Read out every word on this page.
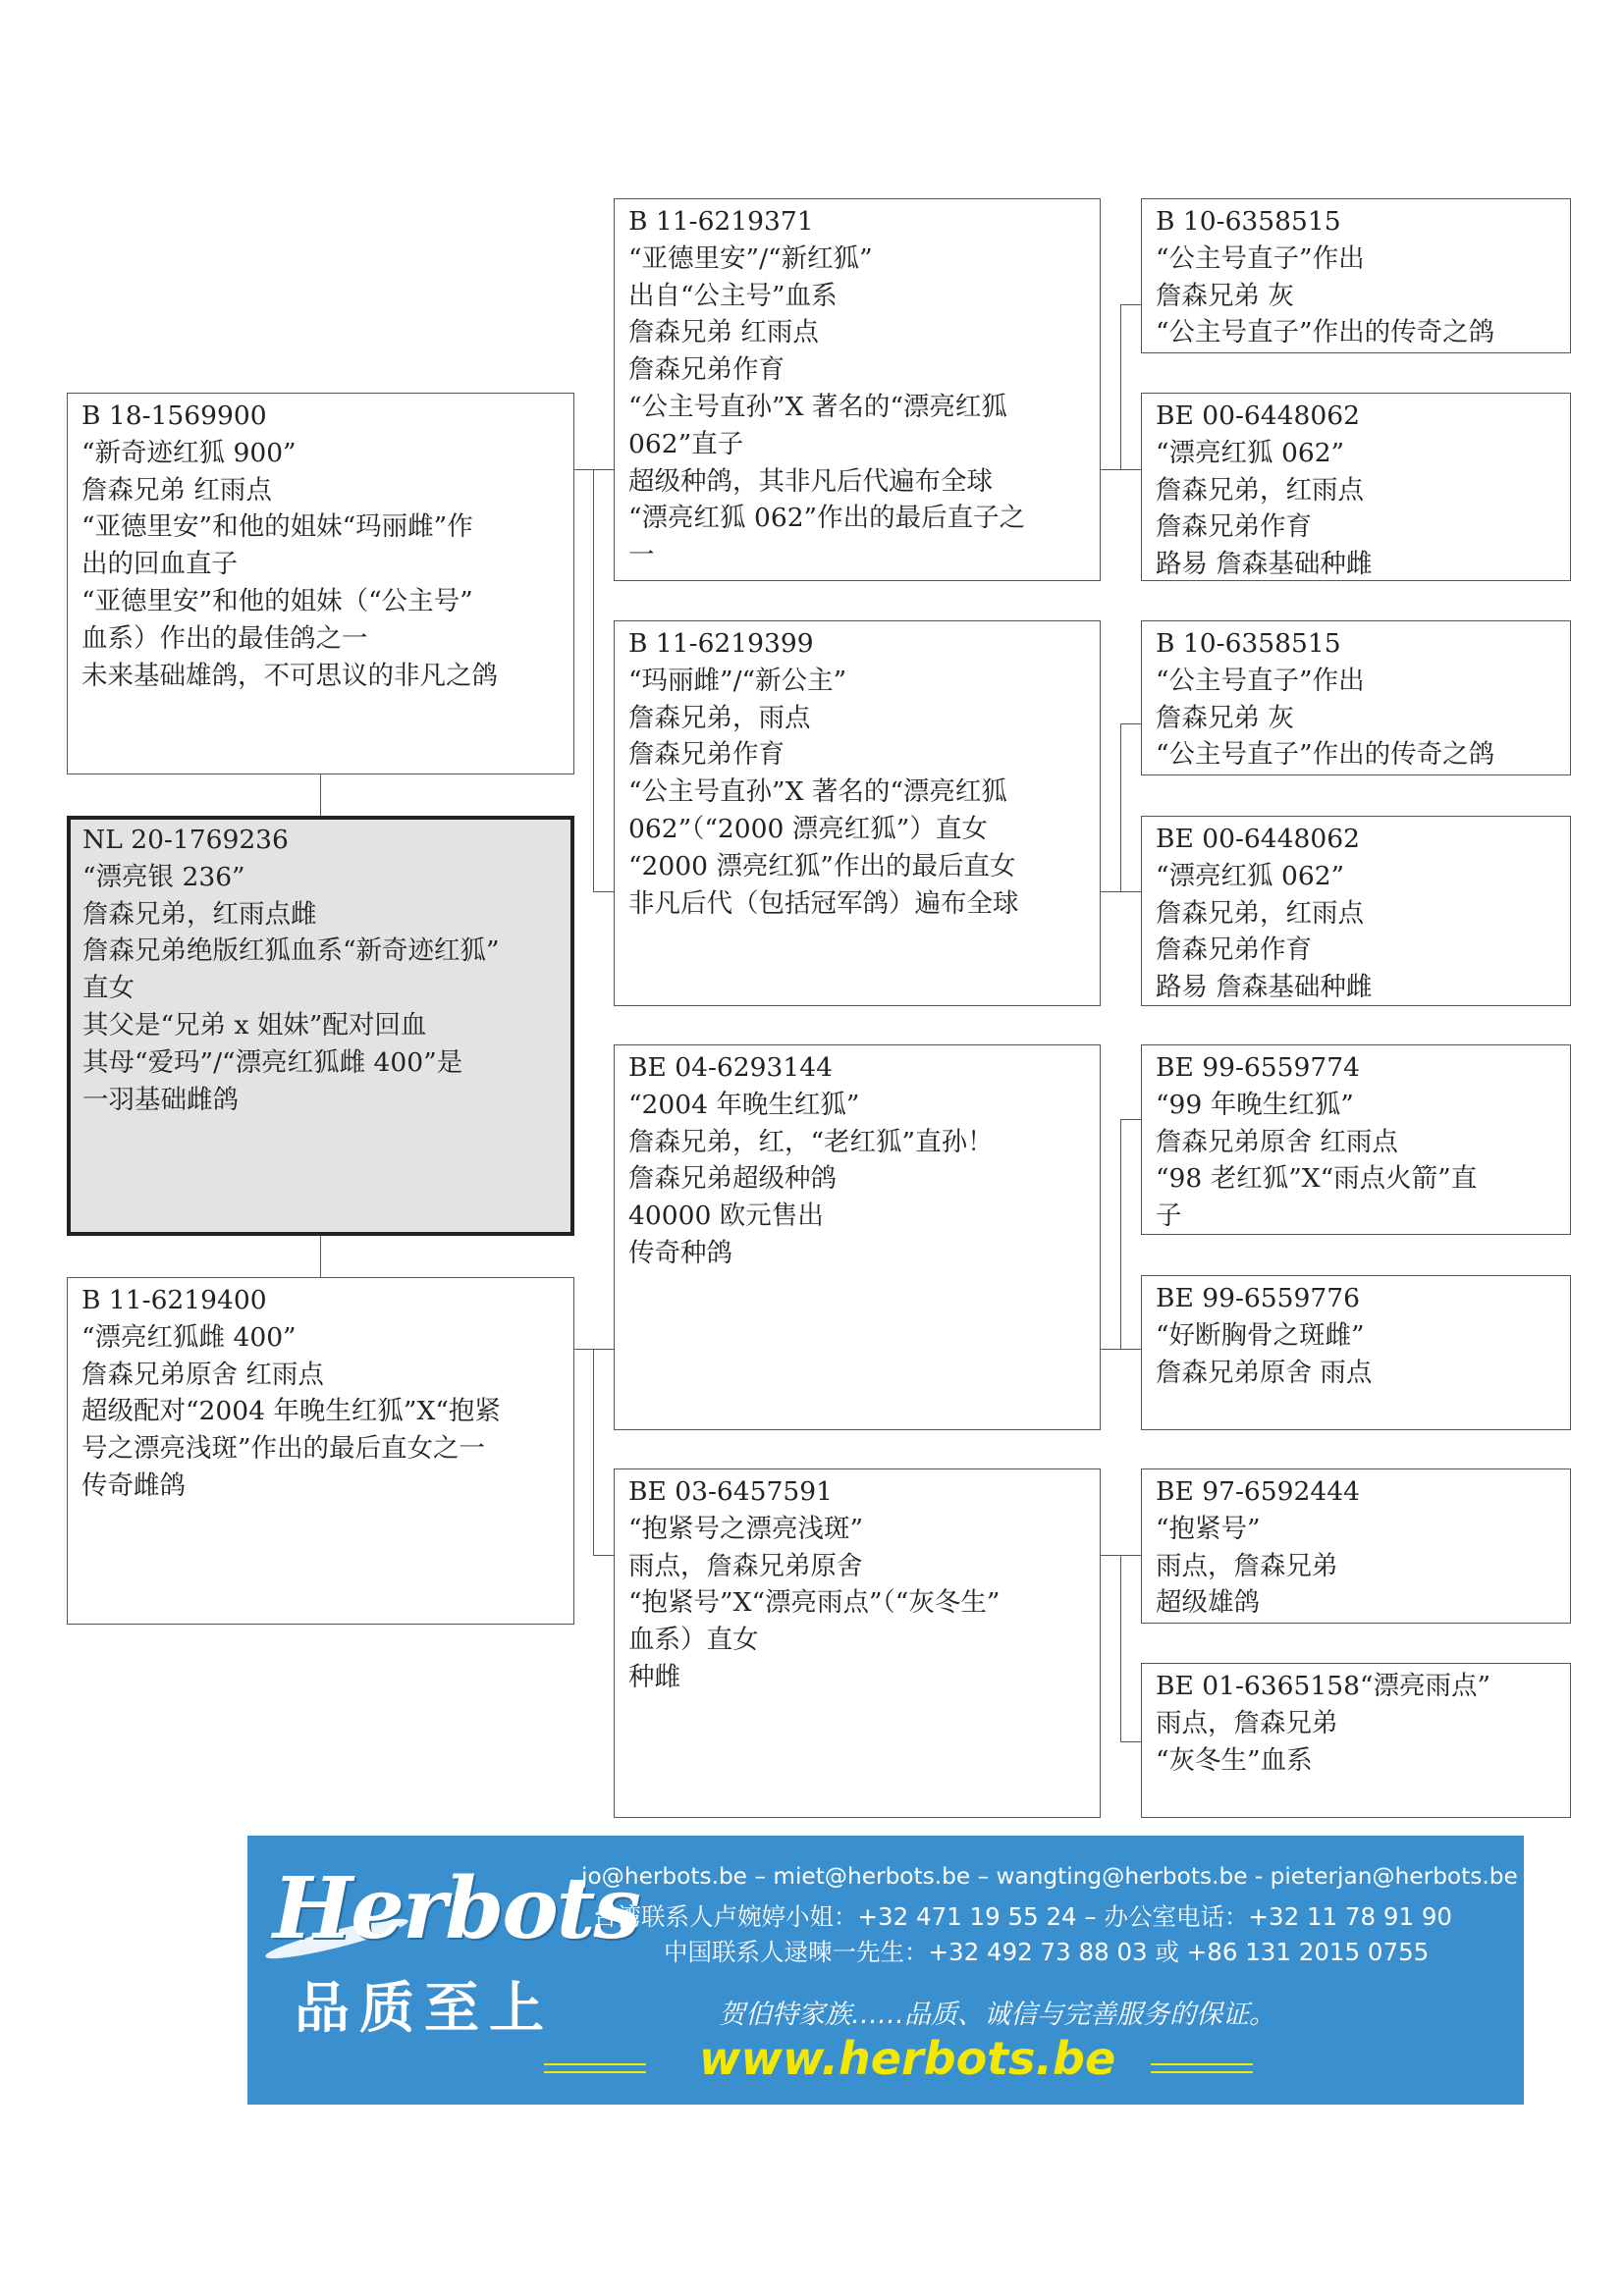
B 18-1569900
“新奇迹红狐 900”
詹森兄弟 红雨点
“亚德里安”和他的姐妹“玛丽雌”作
出的回血直子
“亚德里安”和他的姐妹（“公主号”
血系）作出的最佳鸽之一
未来基础雄鸽，不可思议的非凡之鸽
NL 20-1769236
“漂亮银 236”
詹森兄弟，红雨点雌
詹森兄弟绝版红狐血系“新奇迹红狐”
直女
其父是“兄弟 x 姐妹”配对回血
其母“爱玛”/“漂亮红狐雌 400”是
一羽基础雌鸽
B 11-6219400
“漂亮红狐雌 400”
詹森兄弟原舍 红雨点
超级配对“2004 年晚生红狐”X“抱紧
号之漂亮浅斑”作出的最后直女之一
传奇雌鸽
B 11-6219371
“亚德里安”/“新红狐”
出自“公主号”血系
詹森兄弟 红雨点
詹森兄弟作育
“公主号直孙”X 著名的“漂亮红狐
062”直子
超级种鸽，其非凡后代遍布全球
“漂亮红狐 062”作出的最后直子之
一
B 11-6219399
“玛丽雌”/“新公主”
詹森兄弟，雨点
詹森兄弟作育
“公主号直孙”X 著名的“漂亮红狐
062”（“2000 漂亮红狐”）直女
“2000 漂亮红狐”作出的最后直女
非凡后代（包括冠军鸽）遍布全球
BE 04-6293144
“2004 年晚生红狐”
詹森兄弟，红，“老红狐”直孙！
詹森兄弟超级种鸽
40000 欧元售出
传奇种鸽
BE 03-6457591
“抱紧号之漂亮浅斑”
雨点，詹森兄弟原舍
“抱紧号”X“漂亮雨点”（“灰冬生”
血系）直女
种雌
B 10-6358515
“公主号直子”作出
詹森兄弟 灰
“公主号直子”作出的传奇之鸽
BE 00-6448062
“漂亮红狐 062”
詹森兄弟，红雨点
詹森兄弟作育
路易 詹森基础种雌
B 10-6358515
“公主号直子”作出
詹森兄弟 灰
“公主号直子”作出的传奇之鸽
BE 00-6448062
“漂亮红狐 062”
詹森兄弟，红雨点
詹森兄弟作育
路易 詹森基础种雌
BE 99-6559774
“99 年晚生红狐”
詹森兄弟原舍 红雨点
“98 老红狐”X“雨点火箭”直
子
BE 99-6559776
“好断胸骨之斑雌”
詹森兄弟原舍 雨点
BE 97-6592444
“抱紧号”
雨点，詹森兄弟
超级雄鸽
BE 01-6365158“漂亮雨点”
雨点，詹森兄弟
“灰冬生”血系
Herbots
品质至上
jo@herbots.be – miet@herbots.be – wangting@herbots.be - pieterjan@herbots.be
台湾联系人卢婉婷小姐：+32 471 19 55 24 – 办公室电话：+32 11 78 91 90
中国联系人逯暕一先生：+32 492 73 88 03 或 +86 131 2015 0755
贺伯特家族……品质、诚信与完善服务的保证。
www.herbots.be
